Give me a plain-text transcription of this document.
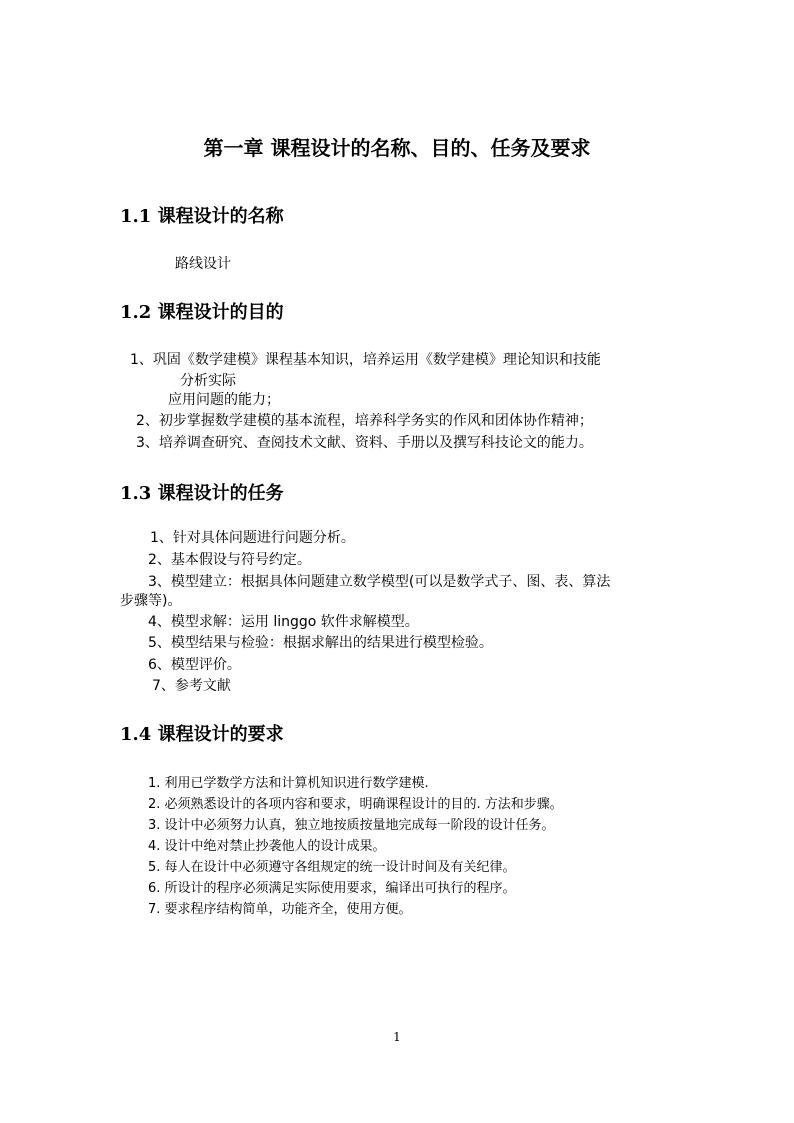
第一章 课程设计的名称、目的、任务及要求
1.1 课程设计的名称
路线设计
1.2 课程设计的目的
1、巩固《数学建模》课程基本知识，培养运用《数学建模》理论知识和技能
分析实际
应用问题的能力；
2、初步掌握数学建模的基本流程，培养科学务实的作风和团体协作精神；
3、培养调查研究、查阅技术文献、资料、手册以及撰写科技论文的能力。
1.3 课程设计的任务
1、针对具体问题进行问题分析。
2、基本假设与符号约定。
3、模型建立：根据具体问题建立数学模型(可以是数学式子、图、表、算法
步骤等)。
4、模型求解：运用 linggo 软件求解模型。
5、模型结果与检验：根据求解出的结果进行模型检验。
6、模型评价。
7、参考文献
1.4 课程设计的要求
1. 利用已学数学方法和计算机知识进行数学建模.
2. 必须熟悉设计的各项内容和要求，明确课程设计的目的. 方法和步骤。
3. 设计中必须努力认真，独立地按质按量地完成每一阶段的设计任务。
4. 设计中绝对禁止抄袭他人的设计成果。
5. 每人在设计中必须遵守各组规定的统一设计时间及有关纪律。
6. 所设计的程序必须满足实际使用要求，编译出可执行的程序。
7. 要求程序结构简单，功能齐全，使用方便。
1
